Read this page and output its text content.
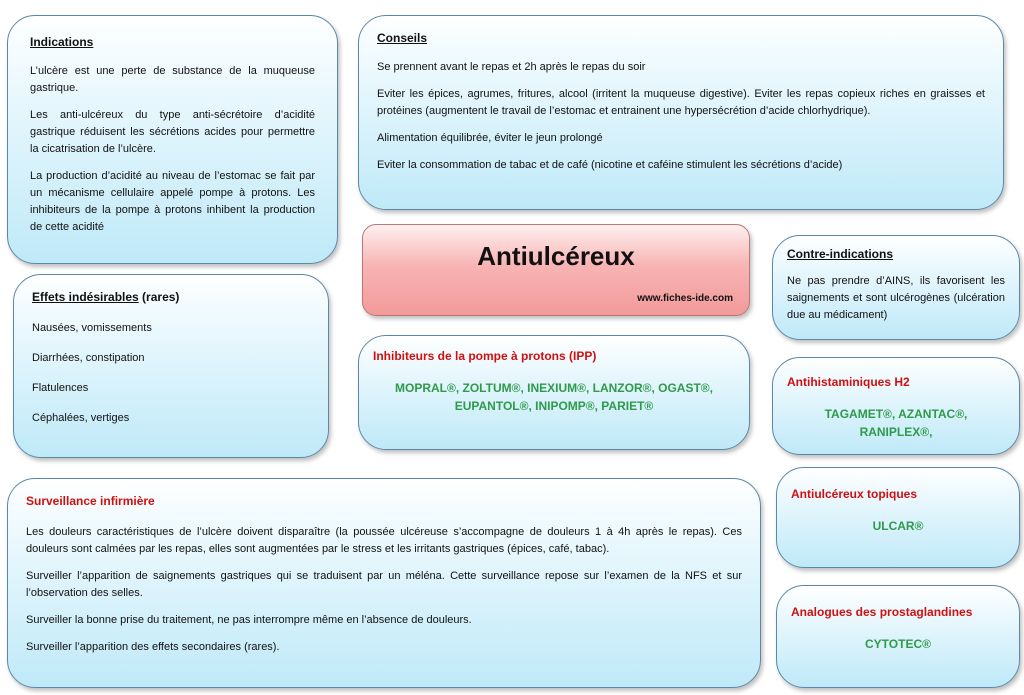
Indications

L’ulcère est une perte de substance de la muqueuse gastrique.

Les anti-ulcéreux du type anti-sécrétoire d’acidité gastrique réduisent les sécrétions acides pour permettre la cicatrisation de l’ulcère.

La production d’acidité au niveau de l’estomac se fait par un mécanisme cellulaire appelé pompe à protons. Les inhibiteurs de la pompe à protons inhibent la production de cette acidité

Conseils

Se prennent avant le repas et 2h après le repas du soir

Eviter les épices, agrumes, fritures, alcool (irritent la muqueuse digestive). Eviter les repas copieux riches en graisses et protéines (augmentent le travail de l’estomac et entrainent une hypersécrétion d’acide chlorhydrique).

Alimentation équilibrée, éviter le jeun prolongé

Eviter la consommation de tabac et de café (nicotine et caféine stimulent les sécrétions d’acide)

Antiulcéreux
www.fiches-ide.com
Effets indésirables (rares)
Nausées, vomissements
Diarrhées, constipation
Flatulences
Céphalées, vertiges
Inhibiteurs de la pompe à protons (IPP)
MOPRAL®, ZOLTUM®, INEXIUM®, LANZOR®, OGAST®,
EUPANTOL®, INIPOMP®, PARIET®
Contre-indications

Ne pas prendre d’AINS, ils favorisent les saignements et sont ulcérogènes (ulcération due au médicament)

Antihistaminiques H2
TAGAMET®, AZANTAC®, RANIPLEX®,
Antiulcéreux topiques
ULCAR®
Analogues des prostaglandines
CYTOTEC®
Surveillance infirmière

Les douleurs caractéristiques de l’ulcère doivent disparaître (la poussée ulcéreuse s’accompagne de douleurs 1 à 4h après le repas). Ces douleurs sont calmées par les repas, elles sont augmentées par le stress et les irritants gastriques (épices, café, tabac).

Surveiller l’apparition de saignements gastriques qui se traduisent par un méléna. Cette surveillance repose sur l’examen de la NFS et sur l’observation des selles.

Surveiller la bonne prise du traitement, ne pas interrompre même en l’absence de douleurs.

Surveiller l’apparition des effets secondaires (rares).
